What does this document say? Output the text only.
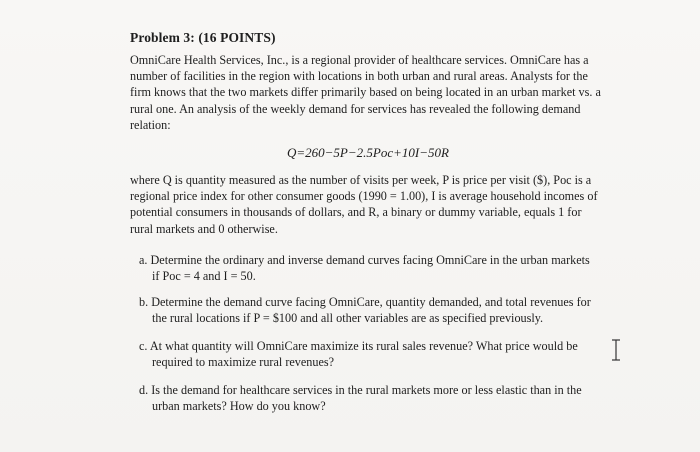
Problem 3: (16 POINTS)

OmniCare Health Services, Inc., is a regional provider of healthcare services. OmniCare has a
number of facilities in the region with locations in both urban and rural areas. Analysts for the
firm knows that the two markets differ primarily based on being located in an urban market vs. a
rural one. An analysis of the weekly demand for services has revealed the following demand
relation:

Q=260−5P−2.5Poc+10I−50R

where Q is quantity measured as the number of visits per week, P is price per visit ($), Poc is a
regional price index for other consumer goods (1990 = 1.00), I is average household incomes of
potential consumers in thousands of dollars, and R, a binary or dummy variable, equals 1 for
rural markets and 0 otherwise.

a. Determine the ordinary and inverse demand curves facing OmniCare in the urban markets
if Poc = 4 and I = 50.
b. Determine the demand curve facing OmniCare, quantity demanded, and total revenues for
the rural locations if P = $100 and all other variables are as specified previously.
c. At what quantity will OmniCare maximize its rural sales revenue? What price would be
required to maximize rural revenues?
d. Is the demand for healthcare services in the rural markets more or less elastic than in the
urban markets? How do you know?
